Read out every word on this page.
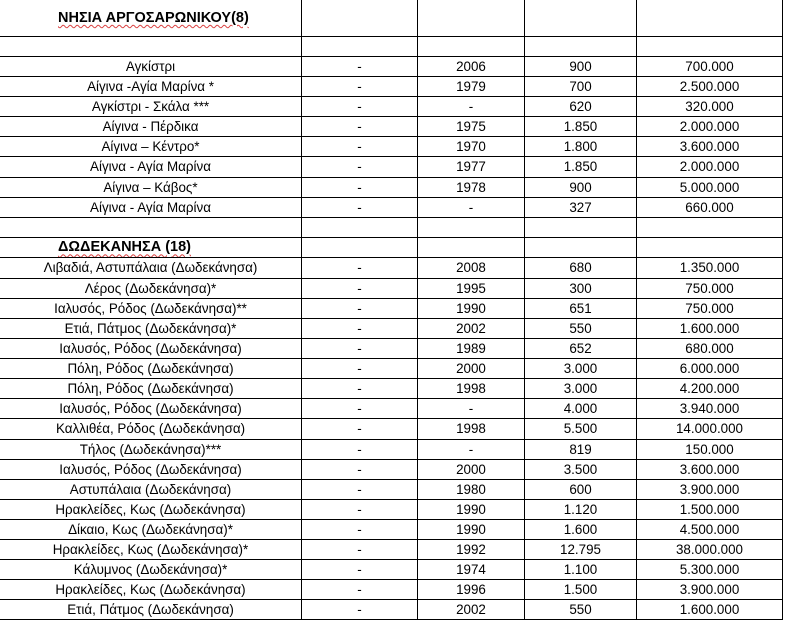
ΝΗΣΙΑ ΑΡΓΟΣΑΡΩΝΙΚΟΥ(8)
Αγκίστρι	-	2006	900	700.000
Αίγινα -Αγία Μαρίνα *	-	1979	700	2.500.000
Αγκίστρι - Σκάλα ***	-	-	620	320.000
Αίγινα - Πέρδικα	-	1975	1.850	2.000.000
Αίγινα – Κέντρο*	-	1970	1.800	3.600.000
Αίγινα - Αγία Μαρίνα	-	1977	1.850	2.000.000
Αίγινα – Κάβος*	-	1978	900	5.000.000
Αίγινα - Αγία Μαρίνα	-	-	327	660.000
ΔΩΔΕΚΑΝΗΣΑ (18)
Λιβαδιά, Αστυπάλαια (Δωδεκάνησα)	-	2008	680	1.350.000
Λέρος (Δωδεκάνησα)*	-	1995	300	750.000
Ιαλυσός, Ρόδος (Δωδεκάνησα)**	-	1990	651	750.000
Ετιά, Πάτμος (Δωδεκάνησα)*	-	2002	550	1.600.000
Ιαλυσός, Ρόδος (Δωδεκάνησα)	-	1989	652	680.000
Πόλη, Ρόδος (Δωδεκάνησα)	-	2000	3.000	6.000.000
Πόλη, Ρόδος (Δωδεκάνησα)	-	1998	3.000	4.200.000
Ιαλυσός, Ρόδος (Δωδεκάνησα)	-	-	4.000	3.940.000
Καλλιθέα, Ρόδος (Δωδεκάνησα)	-	1998	5.500	14.000.000
Τήλος (Δωδεκάνησα)***	-	-	819	150.000
Ιαλυσός, Ρόδος (Δωδεκάνησα)	-	2000	3.500	3.600.000
Αστυπάλαια (Δωδεκάνησα)	-	1980	600	3.900.000
Ηρακλείδες, Κως (Δωδεκάνησα)	-	1990	1.120	1.500.000
Δίκαιο, Κως (Δωδεκάνησα)*	-	1990	1.600	4.500.000
Ηρακλείδες, Κως (Δωδεκάνησα)*	-	1992	12.795	38.000.000
Κάλυμνος (Δωδεκάνησα)*	-	1974	1.100	5.300.000
Ηρακλείδες, Κως (Δωδεκάνησα)	-	1996	1.500	3.900.000
Ετιά, Πάτμος (Δωδεκάνησα)	-	2002	550	1.600.000
